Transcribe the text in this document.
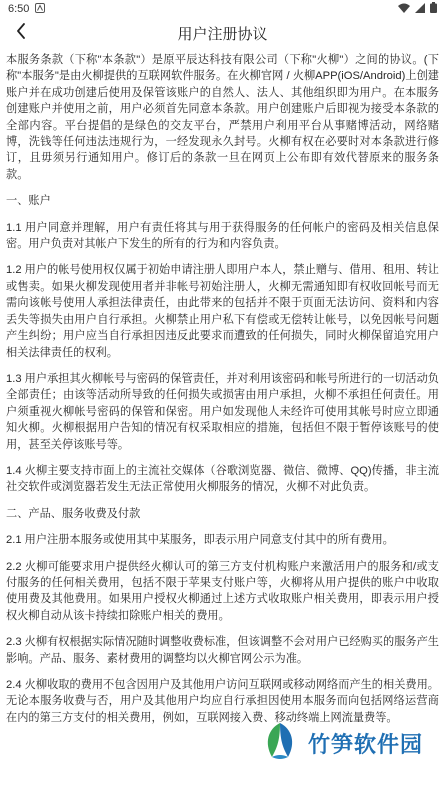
6:50
用户注册协议

本服务条款（下称"本条款"）是原平辰达科技有限公司（下称"火柳"）之间的协议。(下称"本服务"是由火柳提供的互联网软件服务。在火柳官网 / 火柳APP(iOS/Android)上创建账户并在成功创建后使用及保管该账户的自然人、法人、其他组织即为用户。在本服务创建账户并使用之前，用户必须首先同意本条款。用户创建账户后即视为接受本条款的全部内容。平台提倡的是绿色的交友平台，严禁用户利用平台从事赌博活动，网络赌博，洗钱等任何违法违规行为，一经发现永久封号。火柳有权在必要时对本条款进行修订，且毋须另行通知用户。修订后的条款一旦在网页上公布即有效代替原来的服务条款。

一、账户

1.1 用户同意并理解，用户有责任将其与用于获得服务的任何帐户的密码及相关信息保密。用户负责对其帐户下发生的所有的行为和内容负责。

1.2 用户的帐号使用权仅属于初始申请注册人即用户本人，禁止赠与、借用、租用、转让或售卖。如果火柳发现使用者并非帐号初始注册人，火柳无需通知即有权收回帐号而无需向该帐号使用人承担法律责任，由此带来的包括并不限于页面无法访问、资料和内容丢失等损失由用户自行承担。火柳禁止用户私下有偿或无偿转让帐号，以免因帐号问题产生纠纷；用户应当自行承担因违反此要求而遭致的任何损失，同时火柳保留追究用户相关法律责任的权利。

1.3 用户承担其火柳帐号与密码的保管责任，并对利用该密码和帐号所进行的一切活动负全部责任；由该等活动所导致的任何损失或损害由用户承担，火柳不承担任何责任。用户须重视火柳帐号密码的保管和保密。用户如发现他人未经许可使用其帐号时应立即通知火柳。火柳根据用户告知的情况有权采取相应的措施，包括但不限于暂停该账号的使用，甚至关停该账号等。

1.4 火柳主要支持市面上的主流社交媒体（谷歌浏览器、微信、微博、QQ)传播，非主流社交软件或浏览器若发生无法正常使用火柳服务的情况，火柳不对此负责。

二、产品、服务收费及付款

2.1 用户注册本服务或使用其中某服务，即表示用户同意支付其中的所有费用。

2.2 火柳可能要求用户提供经火柳认可的第三方支付机构账户来激活用户的服务和/或支付服务的任何相关费用，包括不限于苹果支付账户等，火柳将从用户提供的账户中收取使用费及其他费用。如果用户授权火柳通过上述方式收取账户相关费用，即表示用户授权火柳自动从该卡持续扣除账户相关的费用。

2.3 火柳有权根据实际情况随时调整收费标准，但该调整不会对用户已经购买的服务产生影响。产品、服务、素材费用的调整均以火柳官网公示为准。

2.4 火柳收取的费用不包含因用户及其他用户访问互联网或移动网络而产生的相关费用。无论本服务收费与否，用户及其他用户均应自行承担因使用本服务而向包括网络运营商在内的第三方支付的相关费用，例如，互联网接入费、移动终端上网流量费等。

竹笋软件园
